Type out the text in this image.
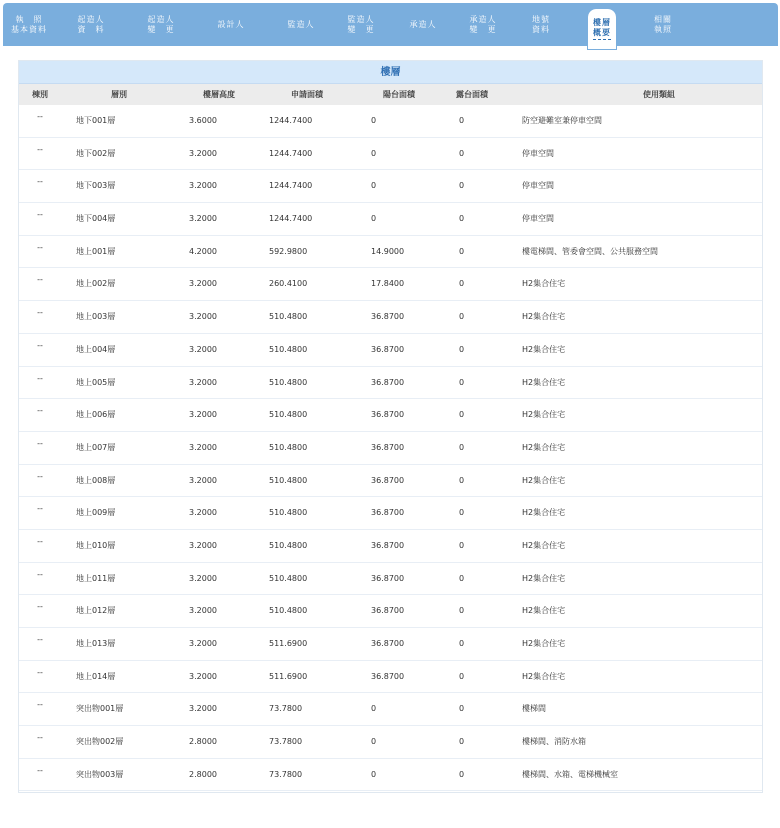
執　照
基本資料
起造人
資　料
起造人
變　更
設計人	監造人
監造人
變　更
承造人
承造人
變　更
地號
資料
樓層
概要
相關
執照
樓層
棟別	層別	樓層高度	申請面積	陽台面積	露台面積	使用類組
--	地下001層	3.6000	1244.7400	0	0	防空避難室兼停車空間
--	地下002層	3.2000	1244.7400	0	0	停車空間
--	地下003層	3.2000	1244.7400	0	0	停車空間
--	地下004層	3.2000	1244.7400	0	0	停車空間
--	地上001層	4.2000	592.9800	14.9000	0	樓電梯間、管委會空間、公共服務空間
--	地上002層	3.2000	260.4100	17.8400	0	H2集合住宅
--	地上003層	3.2000	510.4800	36.8700	0	H2集合住宅
--	地上004層	3.2000	510.4800	36.8700	0	H2集合住宅
--	地上005層	3.2000	510.4800	36.8700	0	H2集合住宅
--	地上006層	3.2000	510.4800	36.8700	0	H2集合住宅
--	地上007層	3.2000	510.4800	36.8700	0	H2集合住宅
--	地上008層	3.2000	510.4800	36.8700	0	H2集合住宅
--	地上009層	3.2000	510.4800	36.8700	0	H2集合住宅
--	地上010層	3.2000	510.4800	36.8700	0	H2集合住宅
--	地上011層	3.2000	510.4800	36.8700	0	H2集合住宅
--	地上012層	3.2000	510.4800	36.8700	0	H2集合住宅
--	地上013層	3.2000	511.6900	36.8700	0	H2集合住宅
--	地上014層	3.2000	511.6900	36.8700	0	H2集合住宅
--	突出物001層	3.2000	73.7800	0	0	樓梯間
--	突出物002層	2.8000	73.7800	0	0	樓梯間、消防水箱
--	突出物003層	2.8000	73.7800	0	0	樓梯間、水箱、電梯機械室
